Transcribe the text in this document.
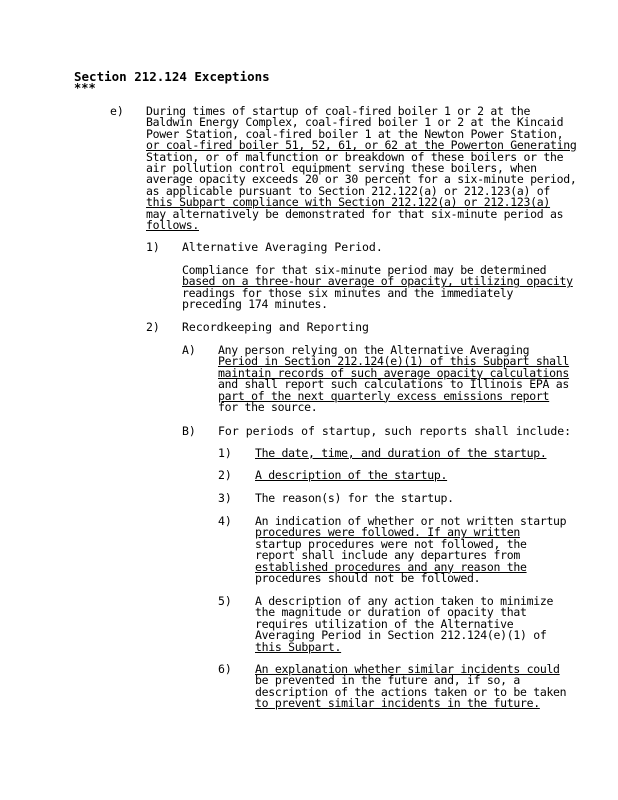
Section 212.124 Exceptions
***
e) During times of startup of coal-fired boiler 1 or 2 at the
Baldwin Energy Complex, coal-fired boiler 1 or 2 at the Kincaid
Power Station, coal-fired boiler 1 at the Newton Power Station,
or coal-fired boiler 51, 52, 61, or 62 at the Powerton Generating
Station, or of malfunction or breakdown of these boilers or the
air pollution control equipment serving these boilers, when
average opacity exceeds 20 or 30 percent for a six-minute period,
as applicable pursuant to Section 212.122(a) or 212.123(a) of
this Subpart compliance with Section 212.122(a) or 212.123(a)
may alternatively be demonstrated for that six-minute period as
follows.
1) Alternative Averaging Period.
Compliance for that six-minute period may be determined
based on a three-hour average of opacity, utilizing opacity
readings for those six minutes and the immediately
preceding 174 minutes.
2) Recordkeeping and Reporting
A) Any person relying on the Alternative Averaging
Period in Section 212.124(e)(1) of this Subpart shall
maintain records of such average opacity calculations
and shall report such calculations to Illinois EPA as
part of the next quarterly excess emissions report
for the source.
B) For periods of startup, such reports shall include:
1) The date, time, and duration of the startup.
2) A description of the startup.
3) The reason(s) for the startup.
4) An indication of whether or not written startup
procedures were followed. If any written
startup procedures were not followed, the
report shall include any departures from
established procedures and any reason the
procedures should not be followed.
5) A description of any action taken to minimize
the magnitude or duration of opacity that
requires utilization of the Alternative
Averaging Period in Section 212.124(e)(1) of
this Subpart.
6) An explanation whether similar incidents could
be prevented in the future and, if so, a
description of the actions taken or to be taken
to prevent similar incidents in the future.
